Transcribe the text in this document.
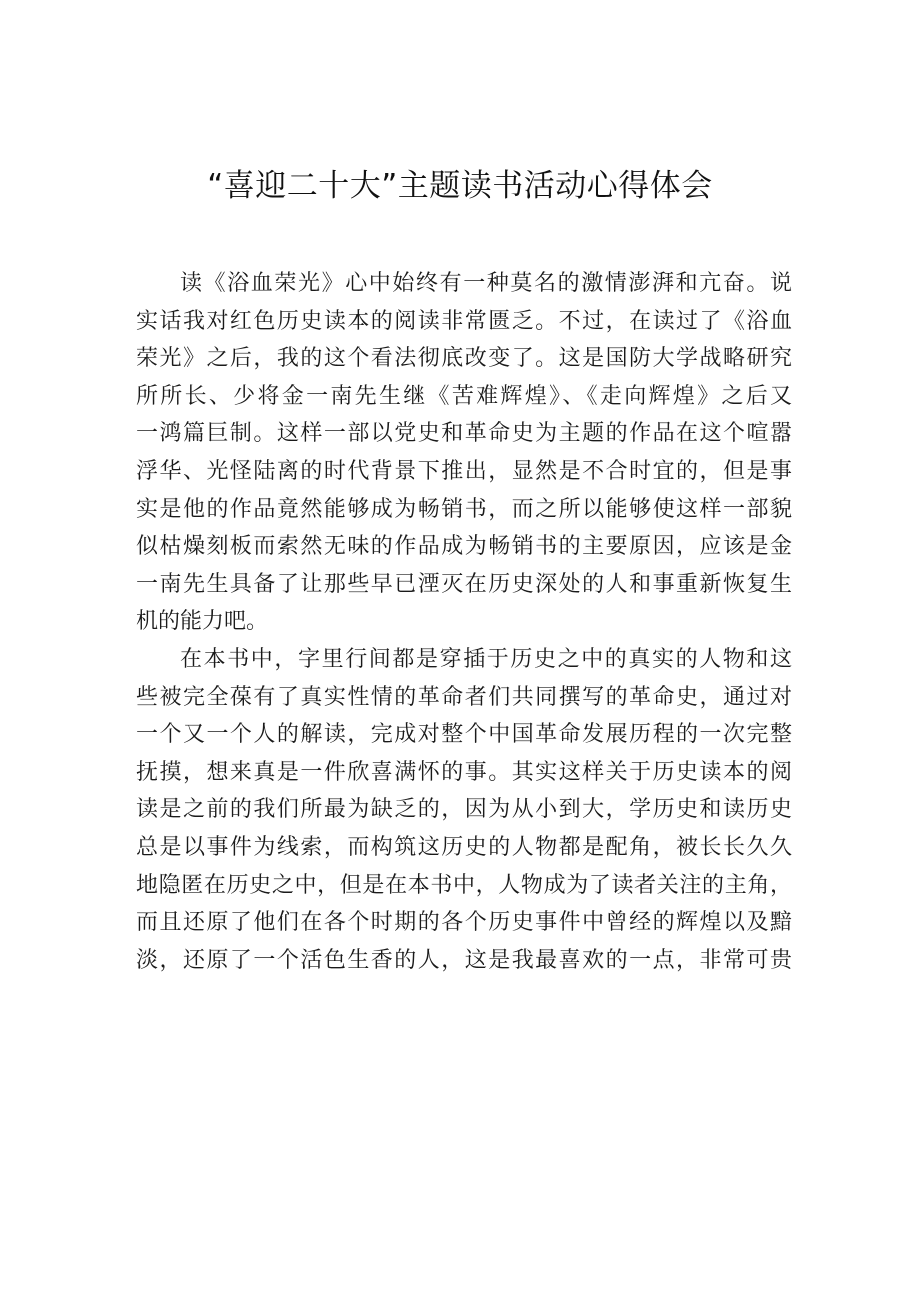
“喜迎二十大”主题读书活动心得体会
读《浴血荣光》心中始终有一种莫名的激情澎湃和亢奋。说
实话我对红色历史读本的阅读非常匮乏。不过，在读过了《浴血
荣光》之后，我的这个看法彻底改变了。这是国防大学战略研究
所所长、少将金一南先生继《苦难辉煌》、《走向辉煌》之后又
一鸿篇巨制。这样一部以党史和革命史为主题的作品在这个喧嚣
浮华、光怪陆离的时代背景下推出，显然是不合时宜的，但是事
实是他的作品竟然能够成为畅销书，而之所以能够使这样一部貌
似枯燥刻板而索然无味的作品成为畅销书的主要原因，应该是金
一南先生具备了让那些早已湮灭在历史深处的人和事重新恢复生
机的能力吧。
在本书中，字里行间都是穿插于历史之中的真实的人物和这
些被完全葆有了真实性情的革命者们共同撰写的革命史，通过对
一个又一个人的解读，完成对整个中国革命发展历程的一次完整
抚摸，想来真是一件欣喜满怀的事。其实这样关于历史读本的阅
读是之前的我们所最为缺乏的，因为从小到大，学历史和读历史
总是以事件为线索，而构筑这历史的人物都是配角，被长长久久
地隐匿在历史之中，但是在本书中，人物成为了读者关注的主角，
而且还原了他们在各个时期的各个历史事件中曾经的辉煌以及黯
淡，还原了一个活色生香的人，这是我最喜欢的一点，非常可贵
